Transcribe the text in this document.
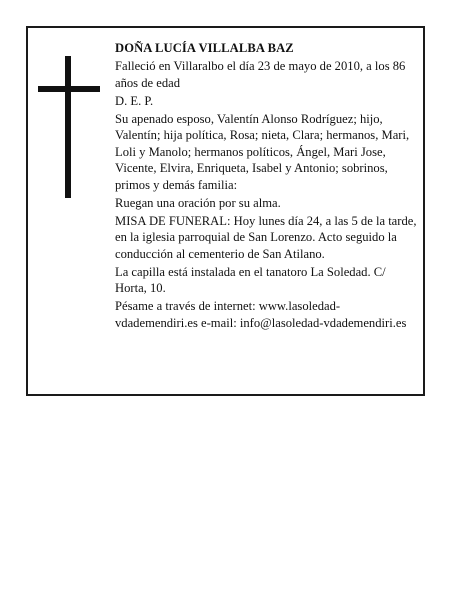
DOÑA LUCÍA VILLALBA BAZ

Falleció en Villaralbo el día 23 de mayo de 2010, a los 86 años de edad

D. E. P.

Su apenado esposo, Valentín Alonso Rodríguez; hijo, Valentín; hija política, Rosa; nieta, Clara; hermanos, Mari, Loli y Manolo; hermanos políticos, Ángel, Mari Jose, Vicente, Elvira, Enriqueta, Isabel y Antonio; sobrinos, primos y demás familia:

Ruegan una oración por su alma.

MISA DE FUNERAL: Hoy lunes día 24, a las 5 de la tarde, en la iglesia parroquial de San Lorenzo. Acto seguido la conducción al cementerio de San Atilano.

La capilla está instalada en el tanatoro La Soledad. C/ Horta, 10.

Pésame a través de internet: www.lasoledad-vdademendiri.es e-mail: info@lasoledad-vdademendiri.es
